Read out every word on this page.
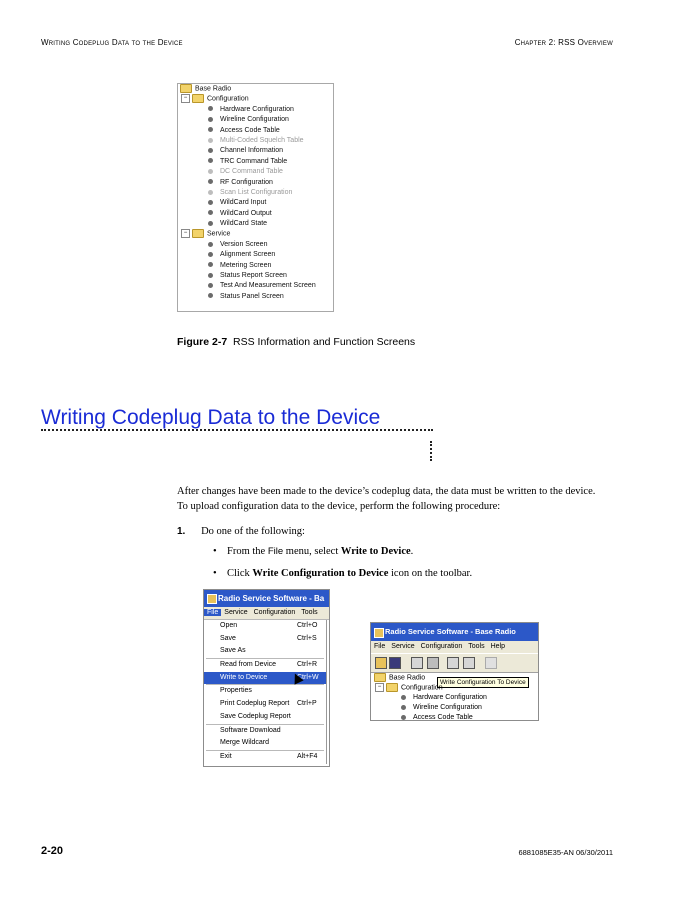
Writing Codeplug Data to the Device	Chapter 2: RSS Overview
Base Radio
−	Configuration
Hardware Configuration
Wireline Configuration
Access Code Table
Multi-Coded Squelch Table
Channel Information
TRC Command Table
DC Command Table
RF Configuration
Scan List Configuration
WildCard Input
WildCard Output
WildCard State
−	Service
Version Screen
Alignment Screen
Metering Screen
Status Report Screen
Test And Measurement Screen
Status Panel Screen
Figure 2-7 RSS Information and Function Screens
Writing Codeplug Data to the Device
After changes have been made to the device’s codeplug data, the data must be written to the device. To upload configuration data to the device, perform the following procedure:
1. Do one of the following:
• From the File menu, select Write to Device.
• Click Write Configuration to Device icon on the toolbar.
Radio Service Software - Ba
File Service Configuration Tools
Open	Ctrl+O
Save	Ctrl+S
Save As
Read from Device	Ctrl+R
Write to Device	Ctrl+W
Properties
Print Codeplug Report Ctrl+P
Save Codeplug Report
Software Download
Merge Wildcard
Exit	Alt+F4
Radio Service Software - Base Radio
File Service Configuration Tools Help
Write Configuration To Device
Base Radio
−	Configuration
Hardware Configuration
Wireline Configuration
Access Code Table
2-20	6881085E35-AN 06/30/2011
